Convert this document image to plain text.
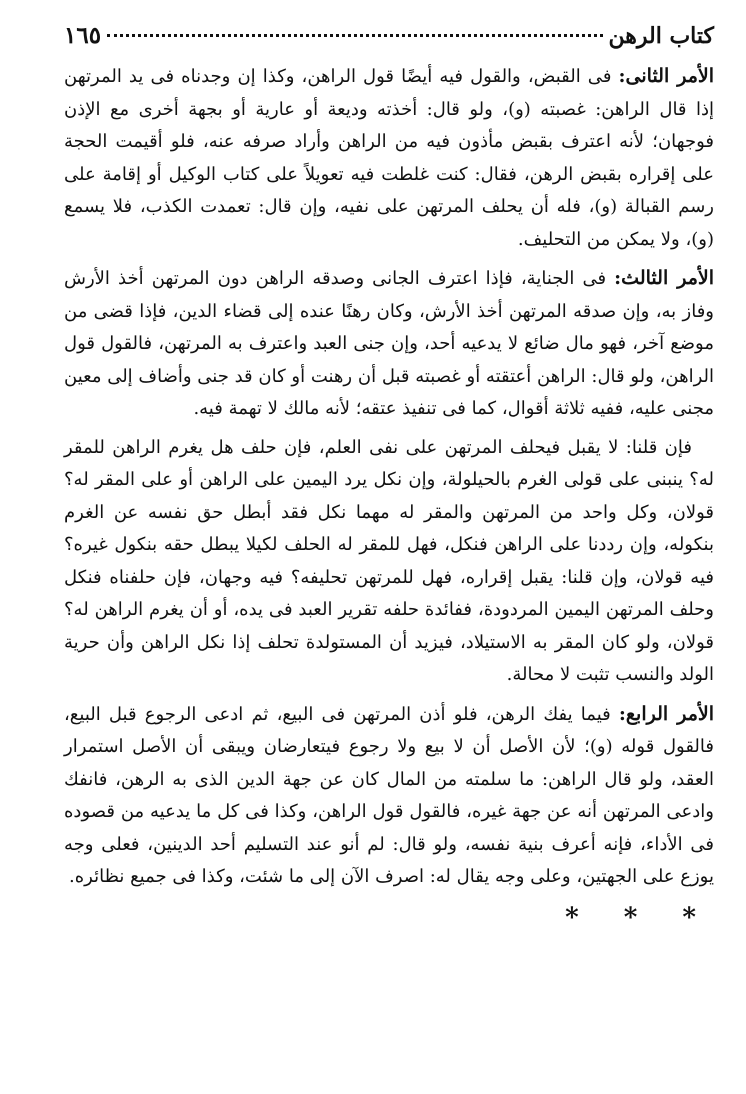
كتاب الرهن
١٦٥

الأمر الثانى: فى القبض، والقول فيه أيضًا قول الراهن، وكذا إن وجدناه فى يد المرتهن إذا قال الراهن: غصبته (و)، ولو قال: أخذته وديعة أو عارية أو بجهة أخرى مع الإذن فوجهان؛ لأنه اعترف بقبض مأذون فيه من الراهن وأراد صرفه عنه، فلو أقيمت الحجة على إقراره بقبض الرهن، فقال: كنت غلطت فيه تعويلاً على كتاب الوكيل أو إقامة على رسم القبالة (و)، فله أن يحلف المرتهن على نفيه، وإن قال: تعمدت الكذب، فلا يسمع (و)، ولا يمكن من التحليف.

الأمر الثالث: فى الجناية، فإذا اعترف الجانى وصدقه الراهن دون المرتهن أخذ الأرش وفاز به، وإن صدقه المرتهن أخذ الأرش، وكان رهنًا عنده إلى قضاء الدين، فإذا قضى من موضع آخر، فهو مال ضائع لا يدعيه أحد، وإن جنى العبد واعترف به المرتهن، فالقول قول الراهن، ولو قال: الراهن أعتقته أو غصبته قبل أن رهنت أو كان قد جنى وأضاف إلى معين مجنى عليه، ففيه ثلاثة أقوال، كما فى تنفيذ عتقه؛ لأنه مالك لا تهمة فيه.

فإن قلنا: لا يقبل فيحلف المرتهن على نفى العلم، فإن حلف هل يغرم الراهن للمقر له؟ ينبنى على قولى الغرم بالحيلولة، وإن نكل يرد اليمين على الراهن أو على المقر له؟ قولان، وكل واحد من المرتهن والمقر له مهما نكل فقد أبطل حق نفسه عن الغرم بنكوله، وإن رددنا على الراهن فنكل، فهل للمقر له الحلف لكيلا يبطل حقه بنكول غيره؟ فيه قولان، وإن قلنا: يقبل إقراره، فهل للمرتهن تحليفه؟ فيه وجهان، فإن حلفناه فنكل وحلف المرتهن اليمين المردودة، ففائدة حلفه تقرير العبد فى يده، أو أن يغرم الراهن له؟ قولان، ولو كان المقر به الاستيلاد، فيزيد أن المستولدة تحلف إذا نكل الراهن وأن حرية الولد والنسب تثبت لا محالة.

الأمر الرابع: فيما يفك الرهن، فلو أذن المرتهن فى البيع، ثم ادعى الرجوع قبل البيع، فالقول قوله (و)؛ لأن الأصل أن لا بيع ولا رجوع فيتعارضان ويبقى أن الأصل استمرار العقد، ولو قال الراهن: ما سلمته من المال كان عن جهة الدين الذى به الرهن، فانفك وادعى المرتهن أنه عن جهة غيره، فالقول قول الراهن، وكذا فى كل ما يدعيه من قصوده فى الأداء، فإنه أعرف بنية نفسه، ولو قال: لم أنو عند التسليم أحد الدينين، فعلى وجه يوزع على الجهتين، وعلى وجه يقال له: اصرف الآن إلى ما شئت، وكذا فى جميع نظائره.

* * *
